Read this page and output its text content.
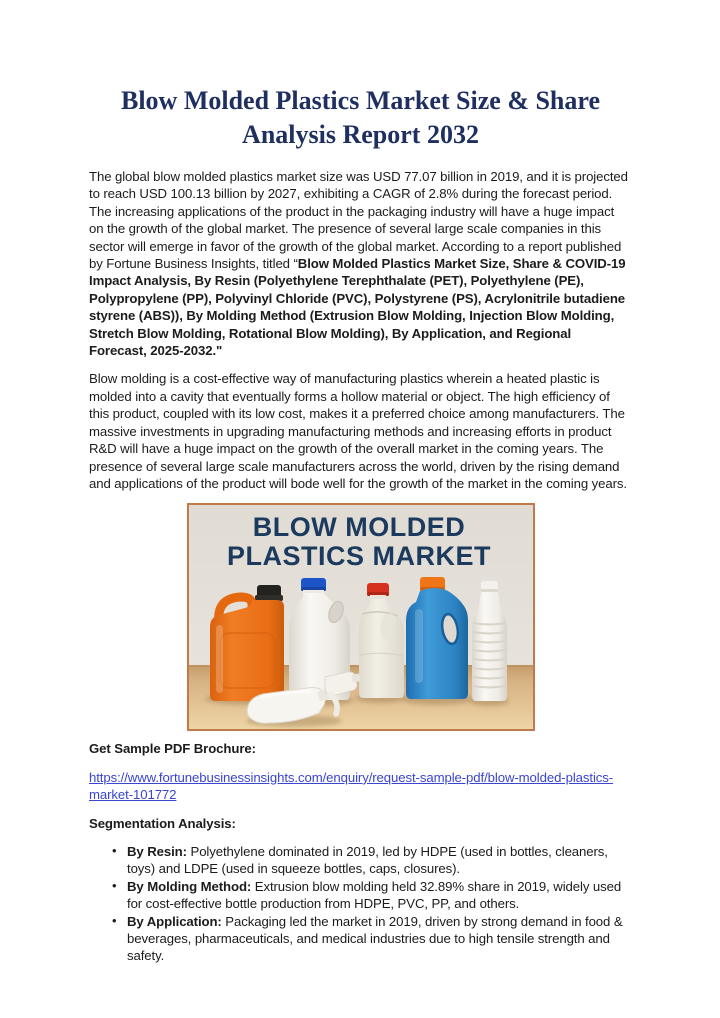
Blow Molded Plastics Market Size & Share
Analysis Report 2032

The global blow molded plastics market size was USD 77.07 billion in 2019, and it is projected to reach USD 100.13 billion by 2027, exhibiting a CAGR of 2.8% during the forecast period. The increasing applications of the product in the packaging industry will have a huge impact on the growth of the global market. The presence of several large scale companies in this sector will emerge in favor of the growth of the global market. According to a report published by Fortune Business Insights, titled “Blow Molded Plastics Market Size, Share & COVID-19 Impact Analysis, By Resin (Polyethylene Terephthalate (PET), Polyethylene (PE), Polypropylene (PP), Polyvinyl Chloride (PVC), Polystyrene (PS), Acrylonitrile butadiene styrene (ABS)), By Molding Method (Extrusion Blow Molding, Injection Blow Molding, Stretch Blow Molding, Rotational Blow Molding), By Application, and Regional Forecast, 2025-2032."

Blow molding is a cost-effective way of manufacturing plastics wherein a heated plastic is molded into a cavity that eventually forms a hollow material or object. The high efficiency of this product, coupled with its low cost, makes it a preferred choice among manufacturers. The massive investments in upgrading manufacturing methods and increasing efforts in product R&D will have a huge impact on the growth of the overall market in the coming years. The presence of several large scale manufacturers across the world, driven by the rising demand and applications of the product will bode well for the growth of the market in the coming years.

BLOW MOLDED
PLASTICS MARKET

Get Sample PDF Brochure:

https://www.fortunebusinessinsights.com/enquiry/request-sample-pdf/blow-molded-plastics-market-101772

Segmentation Analysis:

• By Resin: Polyethylene dominated in 2019, led by HDPE (used in bottles, cleaners, toys) and LDPE (used in squeeze bottles, caps, closures).
• By Molding Method: Extrusion blow molding held 32.89% share in 2019, widely used for cost-effective bottle production from HDPE, PVC, PP, and others.
• By Application: Packaging led the market in 2019, driven by strong demand in food & beverages, pharmaceuticals, and medical industries due to high tensile strength and safety.
